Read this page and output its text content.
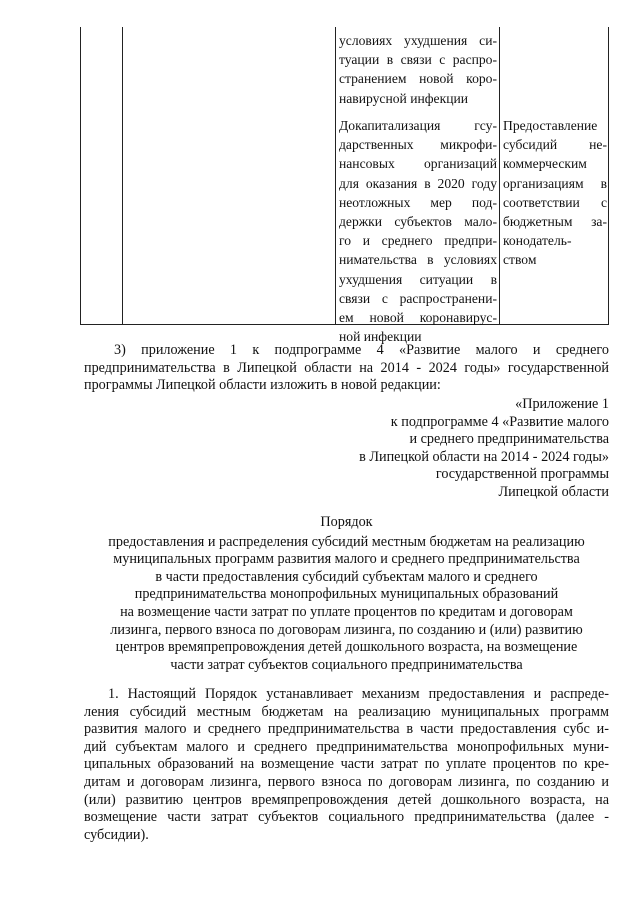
условиях ухудшения си-
туации в связи с распро-
странением новой коро-
навирусной инфекции
Докапитализация гсу-
дарственных микрофи-
нансовых организаций
для оказания в 2020 году
неотложных мер под-
держки субъектов мало-
го и среднего предпри-
нимательства в условиях
ухудшения ситуации в
связи с распространени-
ем новой коронавирус-
ной инфекции
Предоставление
субсидий не-
коммерческим
организациям в
соответствии с
бюджетным за-
конодатель-
ством
3) приложение 1 к подпрограмме 4 «Развитие малого и среднего
предпринимательства в Липецкой области на 2014 - 2024 годы» государственной
программы Липецкой области изложить в новой редакции:
«Приложение 1
к подпрограмме 4 «Развитие малого
и среднего предпринимательства
в Липецкой области на 2014 - 2024 годы»
государственной программы
Липецкой области
Порядок
предоставления и распределения субсидий местным бюджетам на реализацию
муниципальных программ развития малого и среднего предпринимательства
в части предоставления субсидий субъектам малого и среднего
предпринимательства монопрофильных муниципальных образований
на возмещение части затрат по уплате процентов по кредитам и договорам
лизинга, первого взноса по договорам лизинга, по созданию и (или) развитию
центров времяпрепровождения детей дошкольного возраста, на возмещение
части затрат субъектов социального предпринимательства
1. Настоящий Порядок устанавливает механизм предоставления и распреде-
ления субсидий местным бюджетам на реализацию муниципальных программ
развития малого и среднего предпринимательства в части предоставления субс и-
дий субъектам малого и среднего предпринимательства монопрофильных муни-
ципальных образований на возмещение части затрат по уплате процентов по кре-
дитам и договорам лизинга, первого взноса по договорам лизинга, по созданию и
(или) развитию центров времяпрепровождения детей дошкольного возраста, на
возмещение части затрат субъектов социального предпринимательства (далее -
субсидии).
